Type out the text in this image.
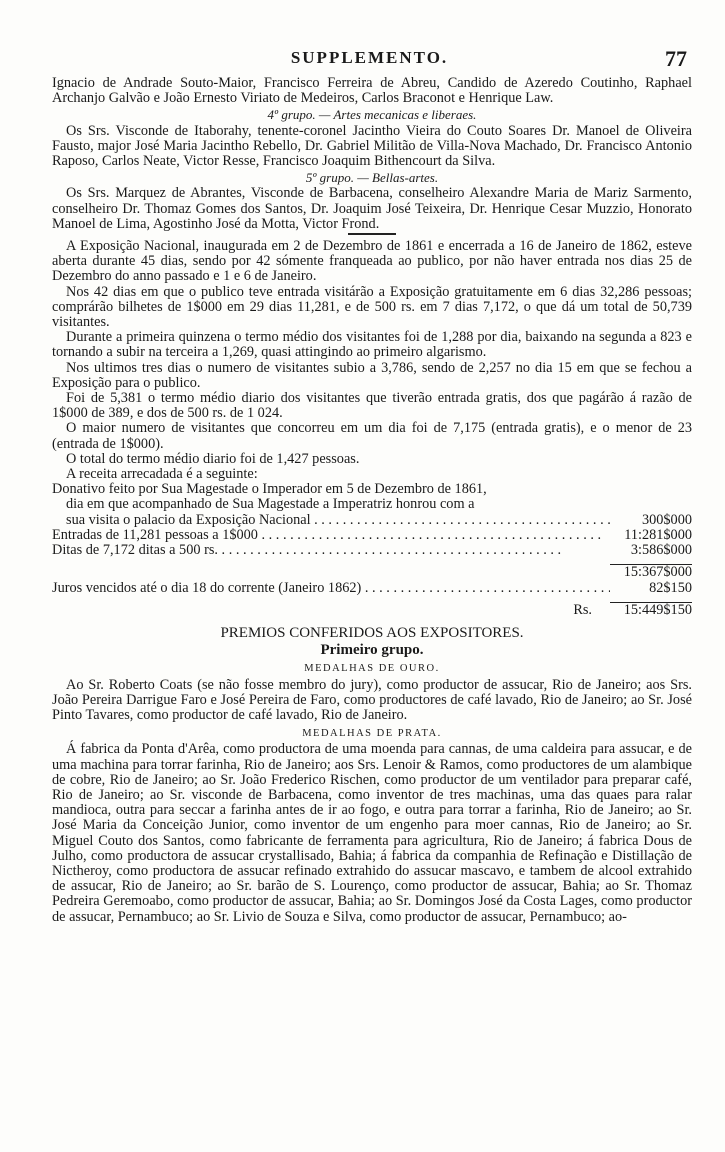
SUPPLEMENTO.	77

Ignacio de Andrade Souto-Maior, Francisco Ferreira de Abreu, Candido de Azeredo Coutinho, Raphael Archanjo Galvão e João Ernesto Viriato de Medeiros, Carlos Braconot e Henrique Law.

4º grupo. — Artes mecanicas e liberaes.

Os Srs. Visconde de Itaborahy, tenente-coronel Jacintho Vieira do Couto Soares Dr. Manoel de Oliveira Fausto, major José Maria Jacintho Rebello, Dr. Gabriel Militão de Villa-Nova Machado, Dr. Francisco Antonio Raposo, Carlos Neate, Victor Resse, Francisco Joaquim Bithencourt da Silva.

5º grupo. — Bellas-artes.

Os Srs. Marquez de Abrantes, Visconde de Barbacena, conselheiro Alexandre Maria de Mariz Sarmento, conselheiro Dr. Thomaz Gomes dos Santos, Dr. Joaquim José Teixeira, Dr. Henrique Cesar Muzzio, Honorato Manoel de Lima, Agostinho José da Motta, Victor Frond.

A Exposição Nacional, inaugurada em 2 de Dezembro de 1861 e encerrada a 16 de Janeiro de 1862, esteve aberta durante 45 dias, sendo por 42 sómente franqueada ao publico, por não haver entrada nos dias 25 de Dezembro do anno passado e 1 e 6 de Janeiro.

Nos 42 dias em que o publico teve entrada visitárão a Exposição gratuitamente em 6 dias 32,286 pessoas; comprárão bilhetes de 1$000 em 29 dias 11,281, e de 500 rs. em 7 dias 7,172, o que dá um total de 50,739 visitantes.

Durante a primeira quinzena o termo médio dos visitantes foi de 1,288 por dia, baixando na segunda a 823 e tornando a subir na terceira a 1,269, quasi attingindo ao primeiro algarismo.

Nos ultimos tres dias o numero de visitantes subio a 3,786, sendo de 2,257 no dia 15 em que se fechou a Exposição para o publico.

Foi de 5,381 o termo médio diario dos visitantes que tiverão entrada gratis, dos que pagárão á razão de 1$000 de 389, e dos de 500 rs. de 1 024.

O maior numero de visitantes que concorreu em um dia foi de 7,175 (entrada gratis), e o menor de 23 (entrada de 1$000).

O total do termo médio diario foi de 1,427 pessoas.

A receita arrecadada é a seguinte:

Donativo feito por Sua Magestade o Imperador em 5 de Dezembro de 1861,

dia em que acompanhado de Sua Magestade a Imperatriz honrou com a

sua visita o palacio da Exposição Nacional . . .	300$000
Entradas de 11,281 pessoas a 1$000 . . .	11:281$000
Ditas de 7,172 ditas a 500 rs. . . .	3:586$000
15:367$000
Juros vencidos até o dia 18 do corrente (Janeiro 1862) . . .	82$150
Rs.	15:449$150
PREMIOS CONFERIDOS AOS EXPOSITORES.
Primeiro grupo.
MEDALHAS DE OURO.

Ao Sr. Roberto Coats (se não fosse membro do jury), como productor de assucar, Rio de Janeiro; aos Srs. João Pereira Darrigue Faro e José Pereira de Faro, como productores de café lavado, Rio de Janeiro; ao Sr. José Pinto Tavares, como productor de café lavado, Rio de Janeiro.

MEDALHAS DE PRATA.

Á fabrica da Ponta d'Arêa, como productora de uma moenda para cannas, de uma caldeira para assucar, e de uma machina para torrar farinha, Rio de Janeiro; aos Srs. Lenoir & Ramos, como productores de um alambique de cobre, Rio de Janeiro; ao Sr. João Frederico Rischen, como productor de um ventilador para preparar café, Rio de Janeiro; ao Sr. visconde de Barbacena, como inventor de tres machinas, uma das quaes para ralar mandioca, outra para seccar a farinha antes de ir ao fogo, e outra para torrar a farinha, Rio de Janeiro; ao Sr. José Maria da Conceição Junior, como inventor de um engenho para moer cannas, Rio de Janeiro; ao Sr. Miguel Couto dos Santos, como fabricante de ferramenta para agricultura, Rio de Janeiro; á fabrica Dous de Julho, como productora de assucar crystallisado, Bahia; á fabrica da companhia de Refinação e Distillação de Nictheroy, como productora de assucar refinado extrahido do assucar mascavo, e tambem de alcool extrahido de assucar, Rio de Janeiro; ao Sr. barão de S. Lourenço, como productor de assucar, Bahia; ao Sr. Thomaz Pedreira Geremoabo, como productor de assucar, Bahia; ao Sr. Domingos José da Costa Lages, como productor de assucar, Pernambuco; ao Sr. Livio de Souza e Silva, como productor de assucar, Pernambuco; ao-
